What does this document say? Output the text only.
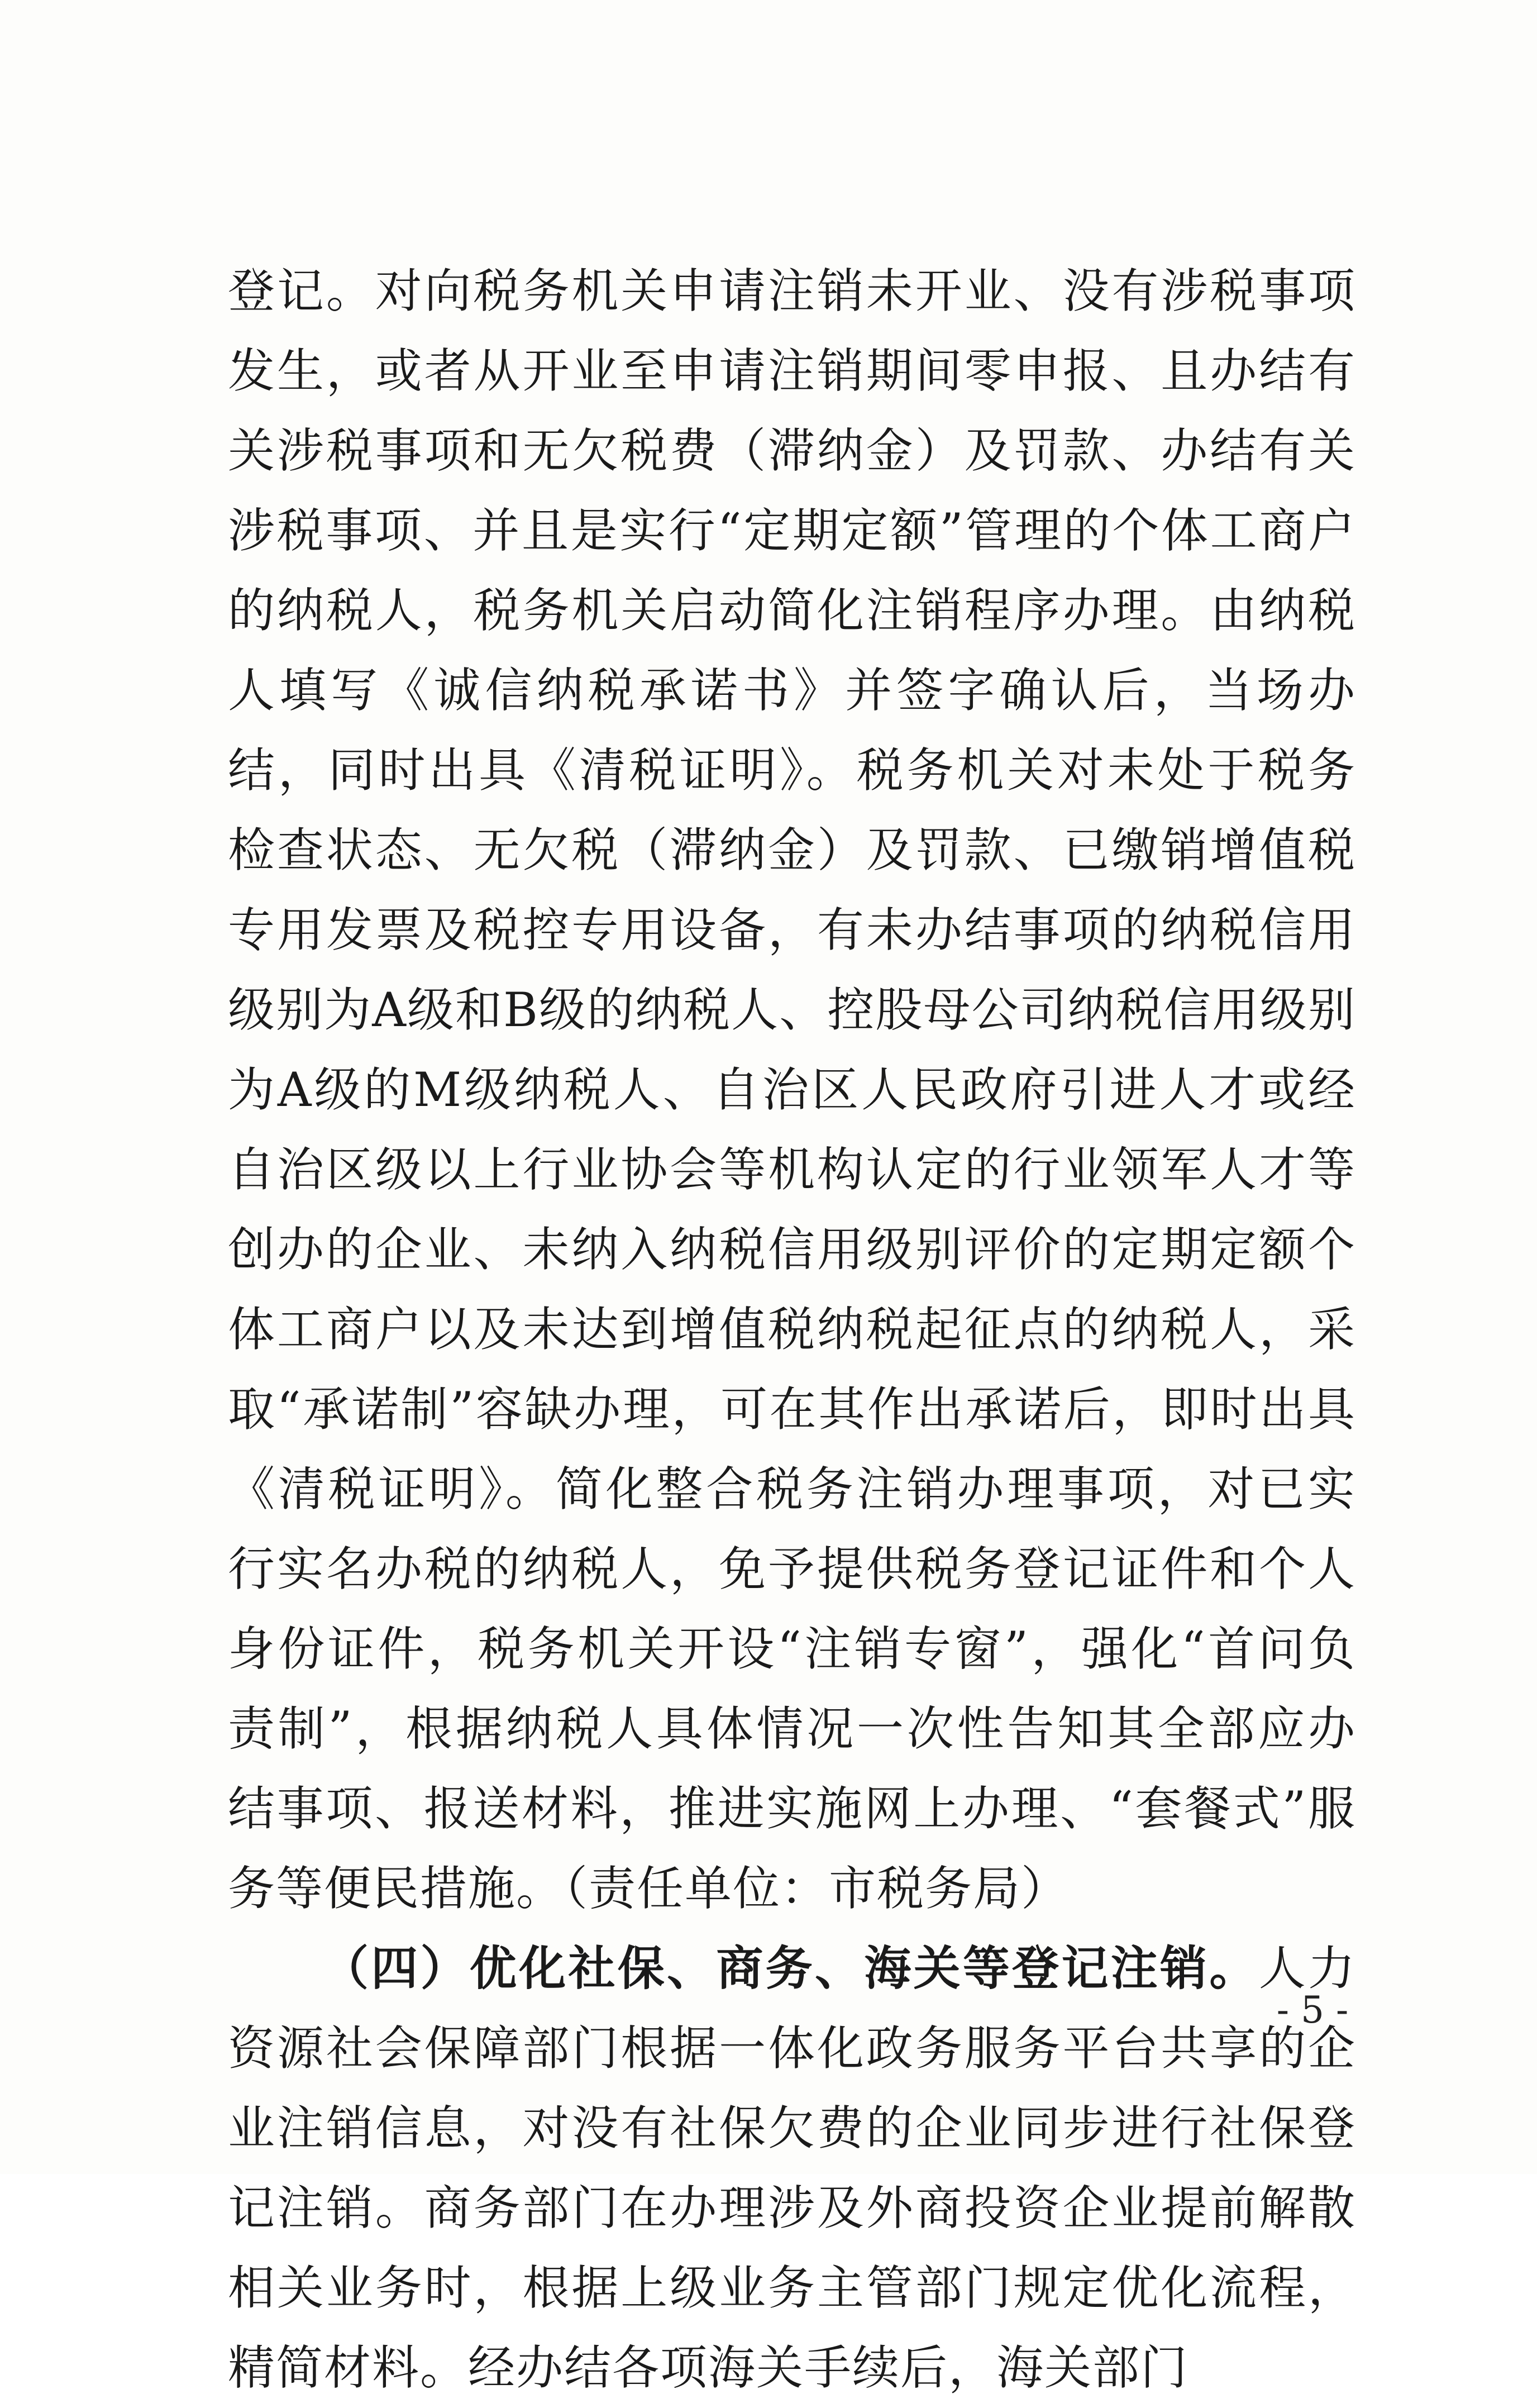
登记。对向税务机关申请注销未开业、没有涉税事项发生，或者从开业至申请注销期间零申报、且办结有关涉税事项和无欠税费（滞纳金）及罚款、办结有关涉税事项、并且是实行“定期定额”管理的个体工商户的纳税人，税务机关启动简化注销程序办理。由纳税人填写《诚信纳税承诺书》并签字确认后，当场办结，同时出具《清税证明》。税务机关对未处于税务检查状态、无欠税（滞纳金）及罚款、已缴销增值税专用发票及税控专用设备，有未办结事项的纳税信用级别为A级和B级的纳税人、控股母公司纳税信用级别为A级的M级纳税人、自治区人民政府引进人才或经自治区级以上行业协会等机构认定的行业领军人才等创办的企业、未纳入纳税信用级别评价的定期定额个体工商户以及未达到增值税纳税起征点的纳税人，采取“承诺制”容缺办理，可在其作出承诺后，即时出具《清税证明》。简化整合税务注销办理事项，对已实行实名办税的纳税人，免予提供税务登记证件和个人身份证件，税务机关开设“注销专窗”，强化“首问负责制”，根据纳税人具体情况一次性告知其全部应办结事项、报送材料，推进实施网上办理、“套餐式”服务等便民措施。（责任单位：市税务局）

（四）优化社保、商务、海关等登记注销。人力资源社会保障部门根据一体化政务服务平台共享的企业注销信息，对没有社保欠费的企业同步进行社保登记注销。商务部门在办理涉及外商投资企业提前解散相关业务时，根据上级业务主管部门规定优化流程，精简材料。经办结各项海关手续后，海关部门

- 5 -
